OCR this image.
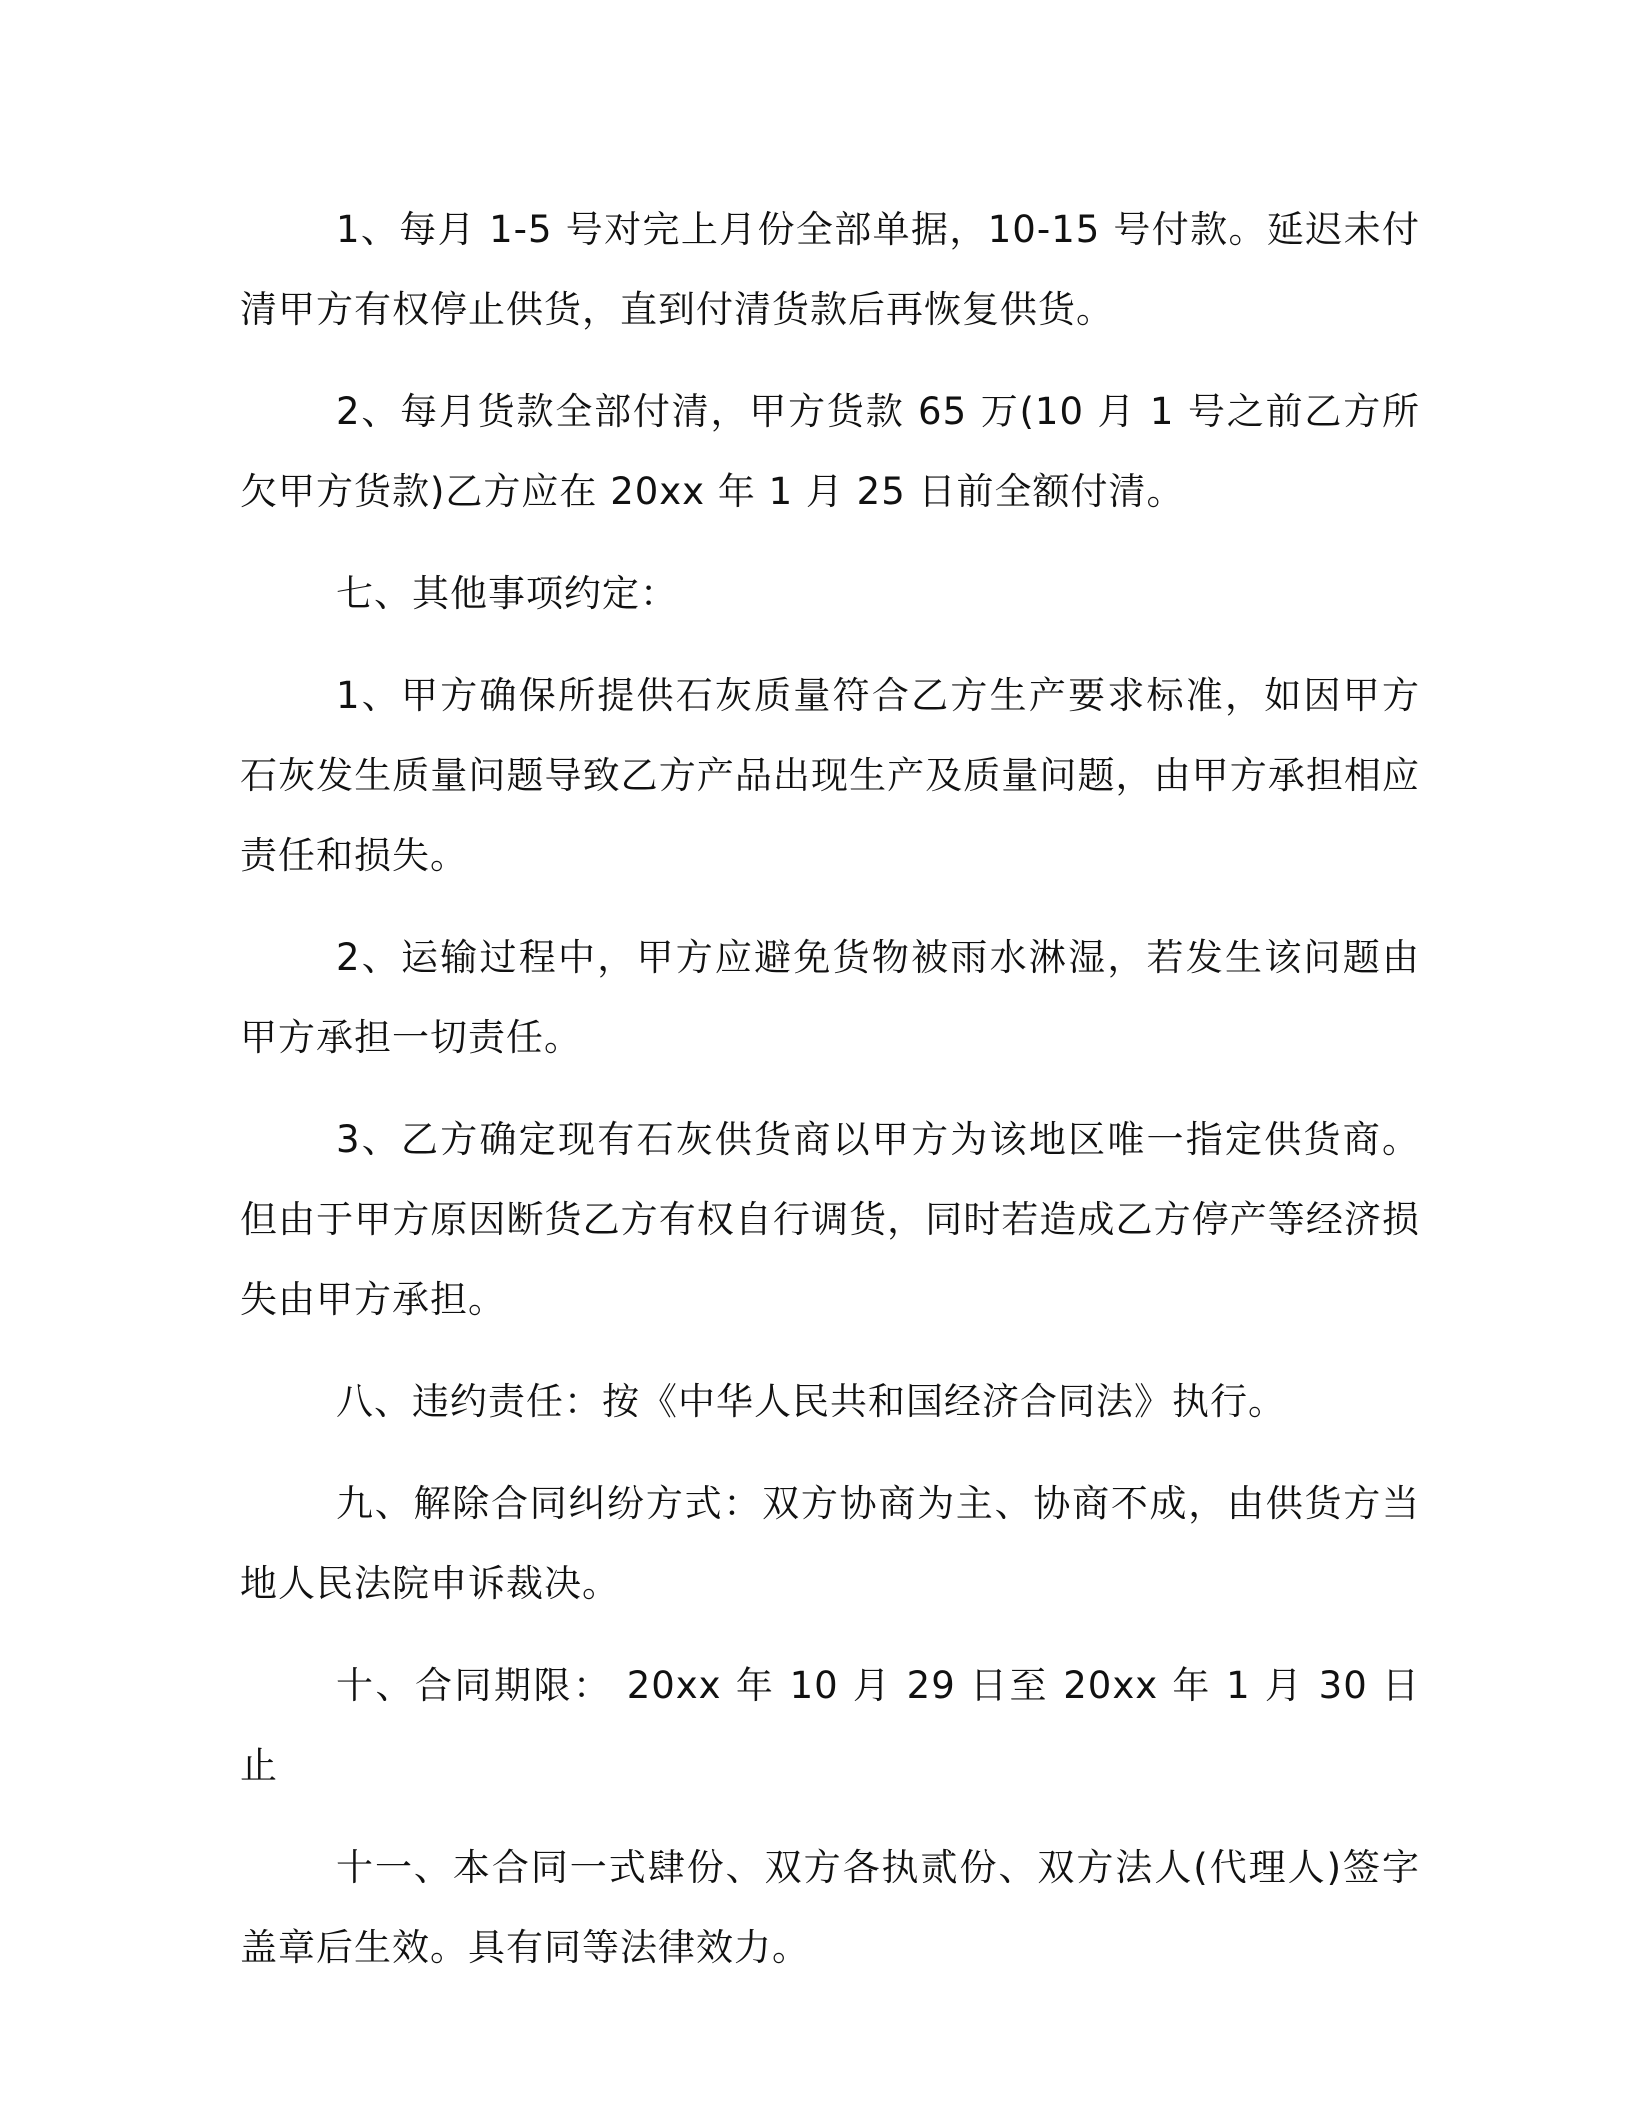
1、每月 1-5 号对完上月份全部单据，10-15 号付款。延迟未付清甲方有权停止供货，直到付清货款后再恢复供货。

2、每月货款全部付清，甲方货款 65 万(10 月 1 号之前乙方所欠甲方货款)乙方应在 20xx 年 1 月 25 日前全额付清。

七、其他事项约定：

1、甲方确保所提供石灰质量符合乙方生产要求标准，如因甲方石灰发生质量问题导致乙方产品出现生产及质量问题，由甲方承担相应责任和损失。

2、运输过程中，甲方应避免货物被雨水淋湿，若发生该问题由甲方承担一切责任。

3、乙方确定现有石灰供货商以甲方为该地区唯一指定供货商。但由于甲方原因断货乙方有权自行调货，同时若造成乙方停产等经济损失由甲方承担。

八、违约责任：按《中华人民共和国经济合同法》执行。

九、解除合同纠纷方式：双方协商为主、协商不成，由供货方当地人民法院申诉裁决。

十、合同期限： 20xx 年 10 月 29 日至 20xx 年 1 月 30 日止

十一、本合同一式肆份、双方各执贰份、双方法人(代理人)签字盖章后生效。具有同等法律效力。
